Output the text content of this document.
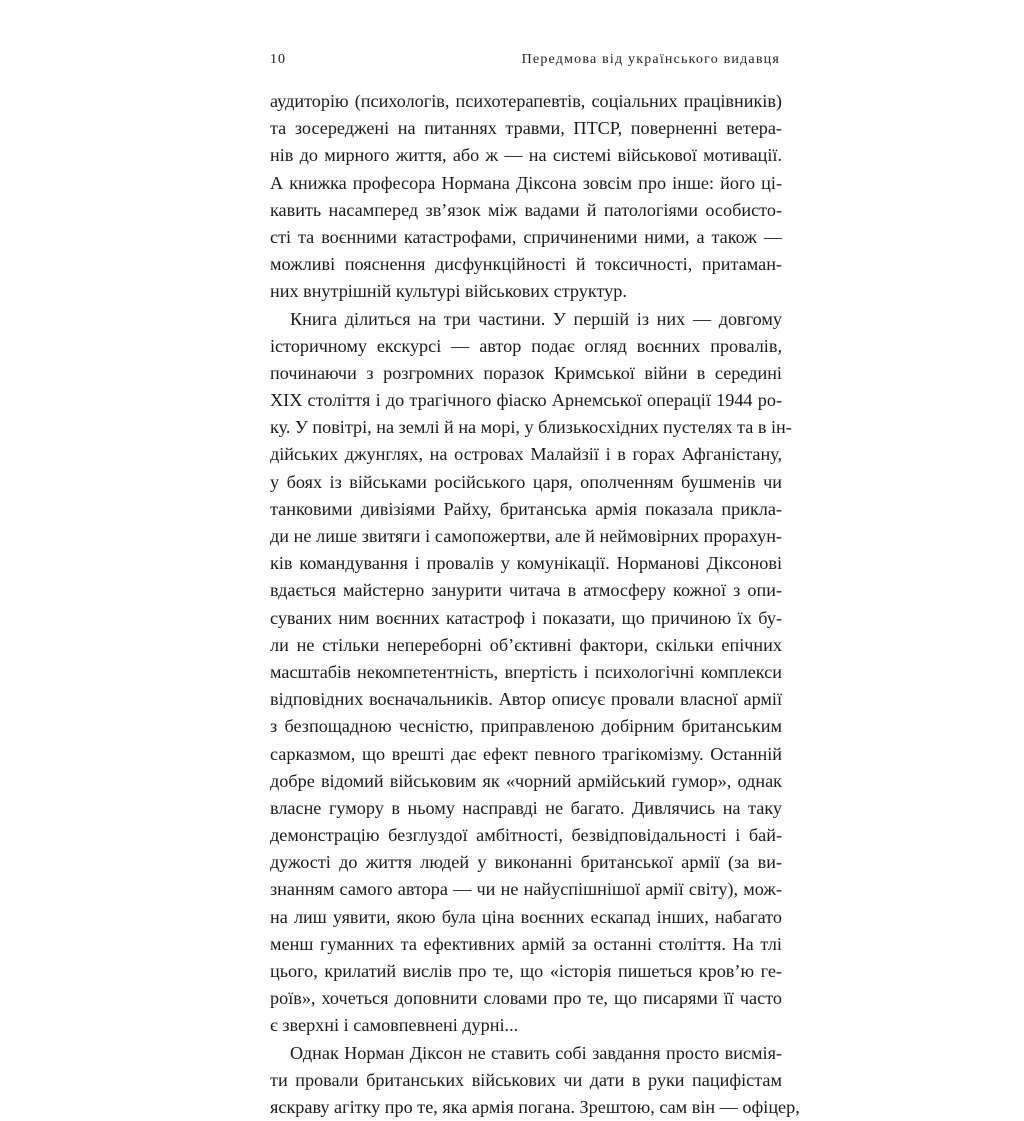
10	Передмова від українського видавця
аудиторію (психологів, психотерапевтів, соціальних працівників)
та зосереджені на питаннях травми, ПТСР, поверненні ветера-
нів до мирного життя, або ж — на системі військової мотивації.
А книжка професора Нормана Діксона зовсім про інше: його ці-
кавить насамперед зв’язок між вадами й патологіями особисто-
сті та воєнними катастрофами, спричиненими ними, а також —
можливі пояснення дисфункційності й токсичності, притаман-
них внутрішній культурі військових структур.
Книга ділиться на три частини. У першій із них — довгому
історичному екскурсі — автор подає огляд воєнних провалів,
починаючи з розгромних поразок Кримської війни в середині
XIX століття і до трагічного фіаско Арнемської операції 1944 ро-
ку. У повітрі, на землі й на морі, у близькосхідних пустелях та в ін-
дійських джунглях, на островах Малайзії і в горах Афганістану,
у боях із військами російського царя, ополченням бушменів чи
танковими дивізіями Райху, британська армія показала прикла-
ди не лише звитяги і самопожертви, але й неймовірних прорахун-
ків командування і провалів у комунікації. Норманові Діксонові
вдається майстерно занурити читача в атмосферу кожної з опи-
суваних ним воєнних катастроф і показати, що причиною їх бу-
ли не стільки непереборні об’єктивні фактори, скільки епічних
масштабів некомпетентність, впертість і психологічні комплекси
відповідних воєначальників. Автор описує провали власної армії
з безпощадною чесністю, приправленою добірним британським
сарказмом, що врешті дає ефект певного трагікомізму. Останній
добре відомий військовим як «чорний армійський гумор», однак
власне гумору в ньому насправді не багато. Дивлячись на таку
демонстрацію безглуздої амбітності, безвідповідальності і бай-
дужості до життя людей у виконанні британської армії (за ви-
знанням самого автора — чи не найуспішнішої армії світу), мож-
на лиш уявити, якою була ціна воєнних ескапад інших, набагато
менш гуманних та ефективних армій за останні століття. На тлі
цього, крилатий вислів про те, що «історія пишеться кров’ю ге-
роїв», хочеться доповнити словами про те, що писарями її часто
є зверхні і самовпевнені дурні...
Однак Норман Діксон не ставить собі завдання просто висмія-
ти провали британських військових чи дати в руки пацифістам
яскраву агітку про те, яка армія погана. Зрештою, сам він — офіцер,
